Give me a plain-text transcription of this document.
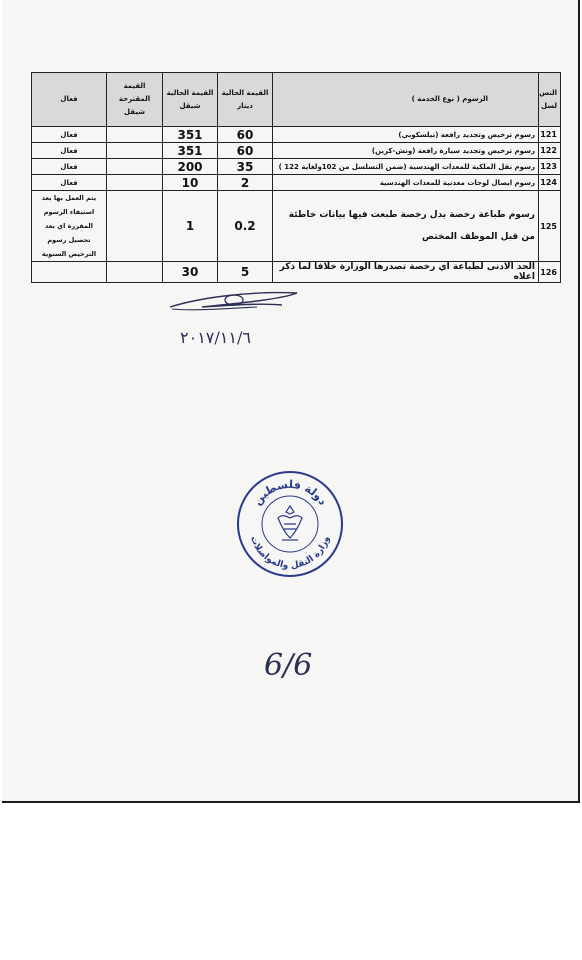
التس لسل	الرسوم ( نوع الخدمة )	القيمة الحالية دينار	القيمة الحالية شيقل	القيمة المقترحة شيقل	فعال
121	رسوم ترخيص وتجديد رافعة (تيلسكوبي)	60	351		فعال
122	رسوم ترخيص وتجديد سيارة رافعة (ونش-كرين)	60	351		فعال
123	رسوم نقل الملكية للمعدات الهندسية (ضمن التسلسل من 102ولغاية 122 )	35	200		فعال
124	رسوم ايصال لوحات معدنية للمعدات الهندسية	2	10		فعال
125	رسوم طباعة رخصة بدل رخصة طبعت فيها بيانات خاطئة من قبل الموظف المختص	0.2	1		يتم العمل بها بعد استيفاء الرسوم المقررة اي بعد تحصيل رسوم الترخيص السنوية
126	الحد الادنى لطباعة اي رخصة تصدرها الوزارة خلافا لما ذكر اعلاه	5	30		
٢٠١٧/١١/٦
دولة فلسطين
وزارة النقل والمواصلات
6/6
